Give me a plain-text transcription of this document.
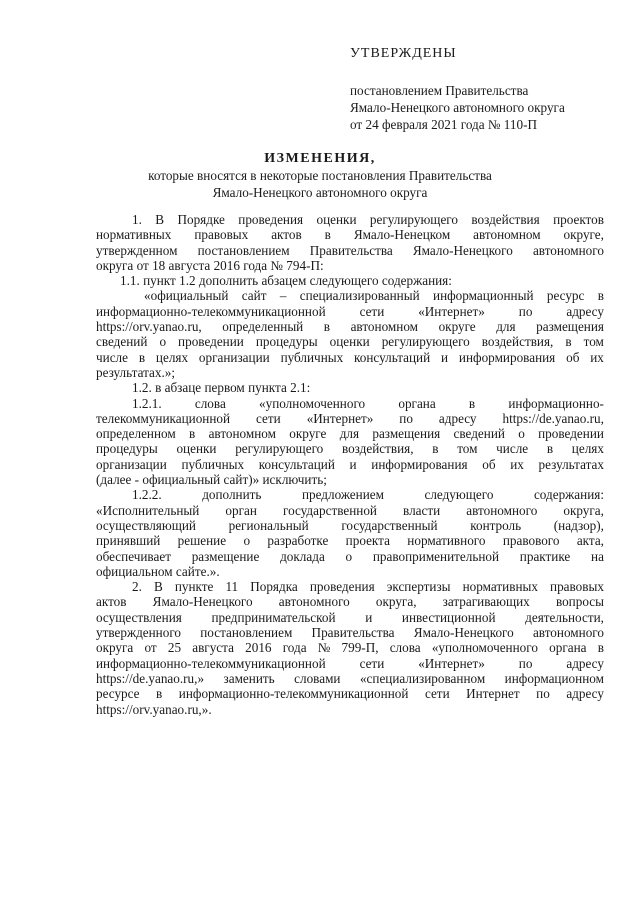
УТВЕРЖДЕНЫ
постановлением Правительства
Ямало-Ненецкого автономного округа
от 24 февраля 2021 года № 110-П
ИЗМЕНЕНИЯ,
которые вносятся в некоторые постановления Правительства
Ямало-Ненецкого автономного округа
1. В Порядке проведения оценки регулирующего воздействия проектов
нормативных правовых актов в Ямало-Ненецком автономном округе,
утвержденном постановлением Правительства Ямало-Ненецкого автономного
округа от 18 августа 2016 года № 794-П:
1.1. пункт 1.2 дополнить абзацем следующего содержания:
«официальный сайт – специализированный информационный ресурс в
информационно-телекоммуникационной	сети	«Интернет»	по	адресу
https://orv.yanao.ru, определенный в автономном округе для размещения
сведений о проведении процедуры оценки регулирующего воздействия, в том
числе в целях организации публичных консультаций и информирования об их
результатах.»;
1.2. в абзаце первом пункта 2.1:
1.2.1.	слова	«уполномоченного	органа	в	информационно-
телекоммуникационной сети «Интернет» по адресу https://de.yanao.ru,
определенном в автономном округе для размещения сведений о проведении
процедуры оценки регулирующего воздействия, в том числе в целях
организации публичных консультаций и информирования об их результатах
(далее - официальный сайт)» исключить;
1.2.2.	дополнить	предложением	следующего	содержания:
«Исполнительный орган государственной власти автономного округа,
осуществляющий региональный государственный контроль (надзор),
принявший решение о разработке проекта нормативного правового акта,
обеспечивает размещение доклада о правоприменительной практике на
официальном сайте.».
2. В пункте 11 Порядка проведения экспертизы нормативных правовых
актов Ямало-Ненецкого автономного округа, затрагивающих вопросы
осуществления предпринимательской и инвестиционной деятельности,
утвержденного постановлением Правительства Ямало-Ненецкого автономного
округа от 25 августа 2016 года № 799-П, слова «уполномоченного органа в
информационно-телекоммуникационной	сети	«Интернет»	по	адресу
https://de.yanao.ru,» заменить словами «специализированном информационном
ресурсе в информационно-телекоммуникационной сети Интернет по адресу
https://orv.yanao.ru,».
